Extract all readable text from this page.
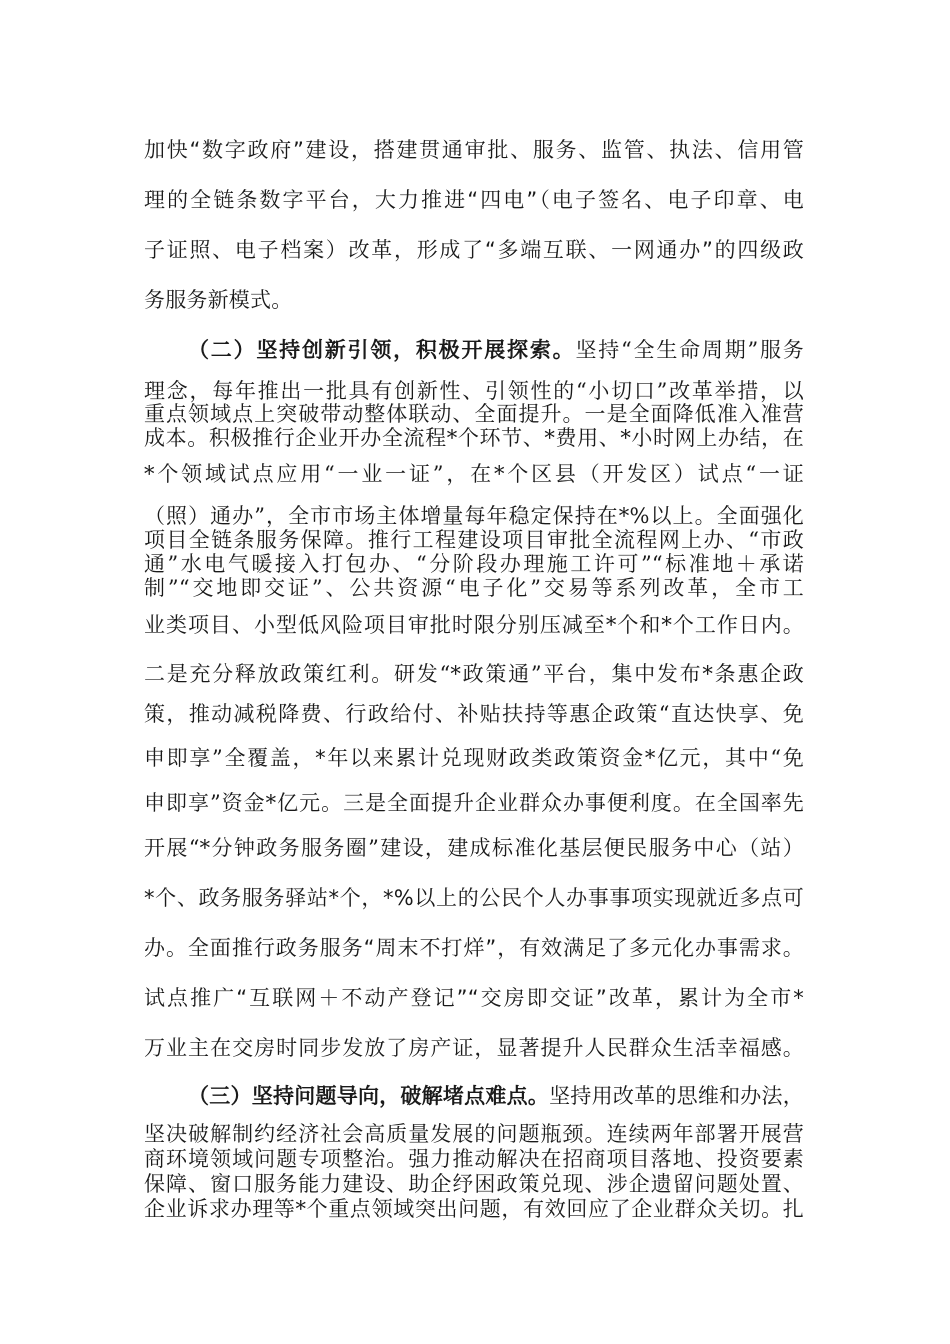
加快“数字政府”建设，搭建贯通审批、服务、监管、执法、信用管
理的全链条数字平台，大力推进“四电”（电子签名、电子印章、电
子证照、电子档案）改革，形成了“多端互联、一网通办”的四级政
务服务新模式。
（二）坚持创新引领，积极开展探索。坚持“全生命周期”服务
理念，每年推出一批具有创新性、引领性的“小切口”改革举措，以
重点领域点上突破带动整体联动、全面提升。一是全面降低准入准营
成本。积极推行企业开办全流程*个环节、*费用、*小时网上办结，在
*个领域试点应用“一业一证”，在*个区县（开发区）试点“一证
（照）通办”，全市市场主体增量每年稳定保持在*%以上。全面强化
项目全链条服务保障。推行工程建设项目审批全流程网上办、“市政
通”水电气暖接入打包办、“分阶段办理施工许可”“标准地＋承诺
制”“交地即交证”、公共资源“电子化”交易等系列改革，全市工
业类项目、小型低风险项目审批时限分别压减至*个和*个工作日内。
二是充分释放政策红利。研发“*政策通”平台，集中发布*条惠企政
策，推动减税降费、行政给付、补贴扶持等惠企政策“直达快享、免
申即享”全覆盖，*年以来累计兑现财政类政策资金*亿元，其中“免
申即享”资金*亿元。三是全面提升企业群众办事便利度。在全国率先
开展“*分钟政务服务圈”建设，建成标准化基层便民服务中心（站）
*个、政务服务驿站*个，*%以上的公民个人办事事项实现就近多点可
办。全面推行政务服务“周末不打烊”，有效满足了多元化办事需求。
试点推广“互联网＋不动产登记”“交房即交证”改革，累计为全市*
万业主在交房时同步发放了房产证，显著提升人民群众生活幸福感。
（三）坚持问题导向，破解堵点难点。坚持用改革的思维和办法，
坚决破解制约经济社会高质量发展的问题瓶颈。连续两年部署开展营
商环境领域问题专项整治。强力推动解决在招商项目落地、投资要素
保障、窗口服务能力建设、助企纾困政策兑现、涉企遗留问题处置、
企业诉求办理等*个重点领域突出问题，有效回应了企业群众关切。扎
